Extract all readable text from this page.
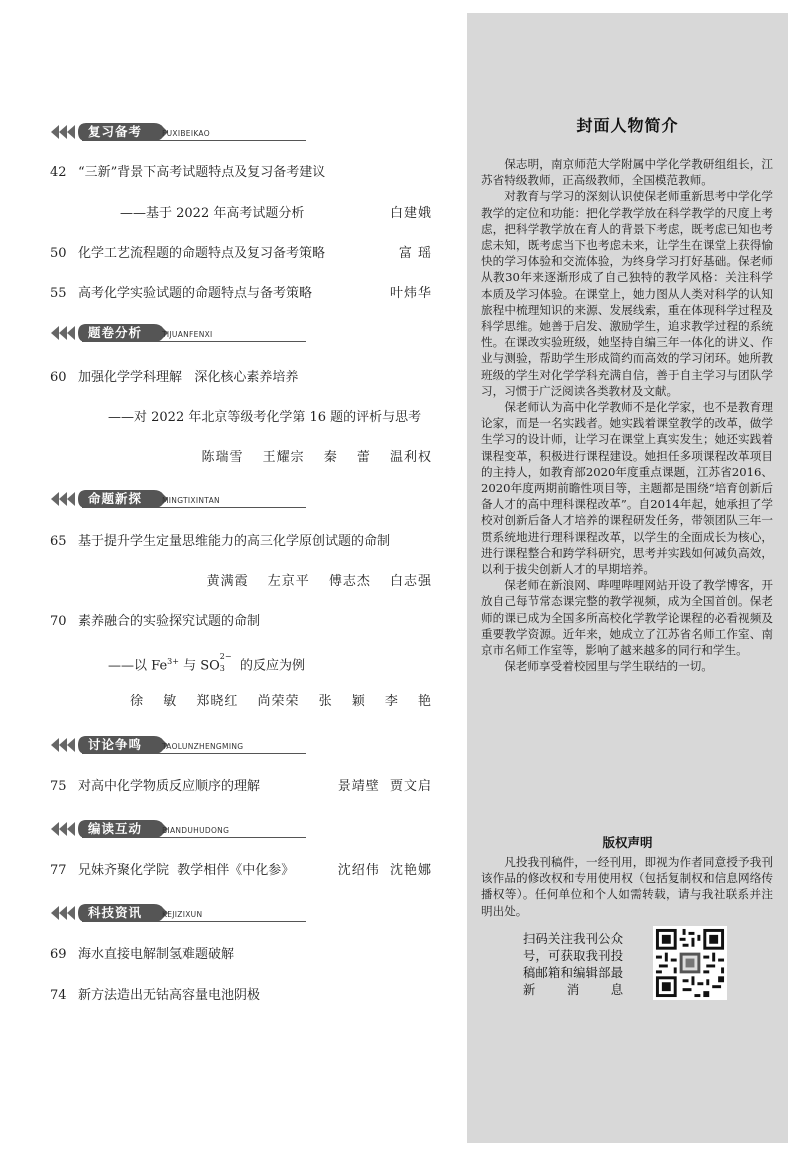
复习备考	FUXIBEIKAO
42 “三新”背景下高考试题特点及复习备考建议
——基于 2022 年高考试题分析	白建娥
50 化学工艺流程题的命题特点及复习备考策略	富 瑶
55 高考化学实验试题的命题特点与备考策略	叶炜华
题卷分析	TIJUANFENXI
60 加强化学学科理解   深化核心素养培养
——对 2022 年北京等级考化学第 16 题的评析与思考
陈瑞雪 王耀宗 秦 蕾 温利权
命题新探	MINGTIXINTAN
65 基于提升学生定量思维能力的高三化学原创试题的命制
黄满霞 左京平 傅志杰 白志强
70 素养融合的实验探究试题的命制
——以 $Fe^{3+}$ 与 SO
2−
3 的反应为例
徐 敏 郑晓红 尚荣荣 张 颖 李 艳
讨论争鸣	TAOLUNZHENGMING
75 对高中化学物质反应顺序的理解	景靖壁  贾文启
编读互动	BIANDUHUDONG
77 兄妹齐聚化学院  教学相伴《中化参》	沈绍伟  沈艳娜
科技资讯	KEJIZIXUN
69 海水直接电解制氢难题破解
74 新方法造出无钴高容量电池阴极
封面人物简介

保志明，南京师范大学附属中学化学教研组组长，江苏省特级教师，正高级教师，全国模范教师。

对教育与学习的深刻认识使保老师重新思考中学化学教学的定位和功能：把化学教学放在科学教学的尺度上考虑，把科学教学放在育人的背景下考虑，既考虑已知也考虑未知，既考虑当下也考虑未来，让学生在课堂上获得愉快的学习体验和交流体验，为终身学习打好基础。保老师从教30年来逐渐形成了自己独特的教学风格：关注科学本质及学习体验。在课堂上，她力图从人类对科学的认知旅程中梳理知识的来源、发展线索，重在体现科学过程及科学思维。她善于启发、激励学生，追求教学过程的系统性。在课改实验班级，她坚持自编三年一体化的讲义、作业与测验，帮助学生形成简约而高效的学习闭环。她所教班级的学生对化学学科充满自信，善于自主学习与团队学习，习惯于广泛阅读各类教材及文献。

保老师认为高中化学教师不是化学家，也不是教育理论家，而是一名实践者。她实践着课堂教学的改革，做学生学习的设计师，让学习在课堂上真实发生；她还实践着课程变革，积极进行课程建设。她担任多项课程改革项目的主持人，如教育部2020年度重点课题，江苏省2016、2020年度两期前瞻性项目等，主题都是围绕“培育创新后备人才的高中理科课程改革”。自2014年起，她承担了学校对创新后备人才培养的课程研发任务，带领团队三年一贯系统地进行理科课程改革，以学生的全面成长为核心，进行课程整合和跨学科研究，思考并实践如何减负高效，以利于拔尖创新人才的早期培养。

保老师在新浪网、哔哩哔哩网站开设了教学博客，开放自己每节常态课完整的教学视频，成为全国首创。保老师的课已成为全国多所高校化学教学论课程的必看视频及重要教学资源。近年来，她成立了江苏省名师工作室、南京市名师工作室等，影响了越来越多的同行和学生。

保老师享受着校园里与学生联结的一切。

版权声明

凡投我刊稿件，一经刊用，即视为作者同意授予我刊该作品的修改权和专用使用权（包括复制权和信息网络传播权等）。任何单位和个人如需转载，请与我社联系并注明出处。

扫码关注我刊公众号，可获取我刊投稿邮箱和编辑部最新消息
